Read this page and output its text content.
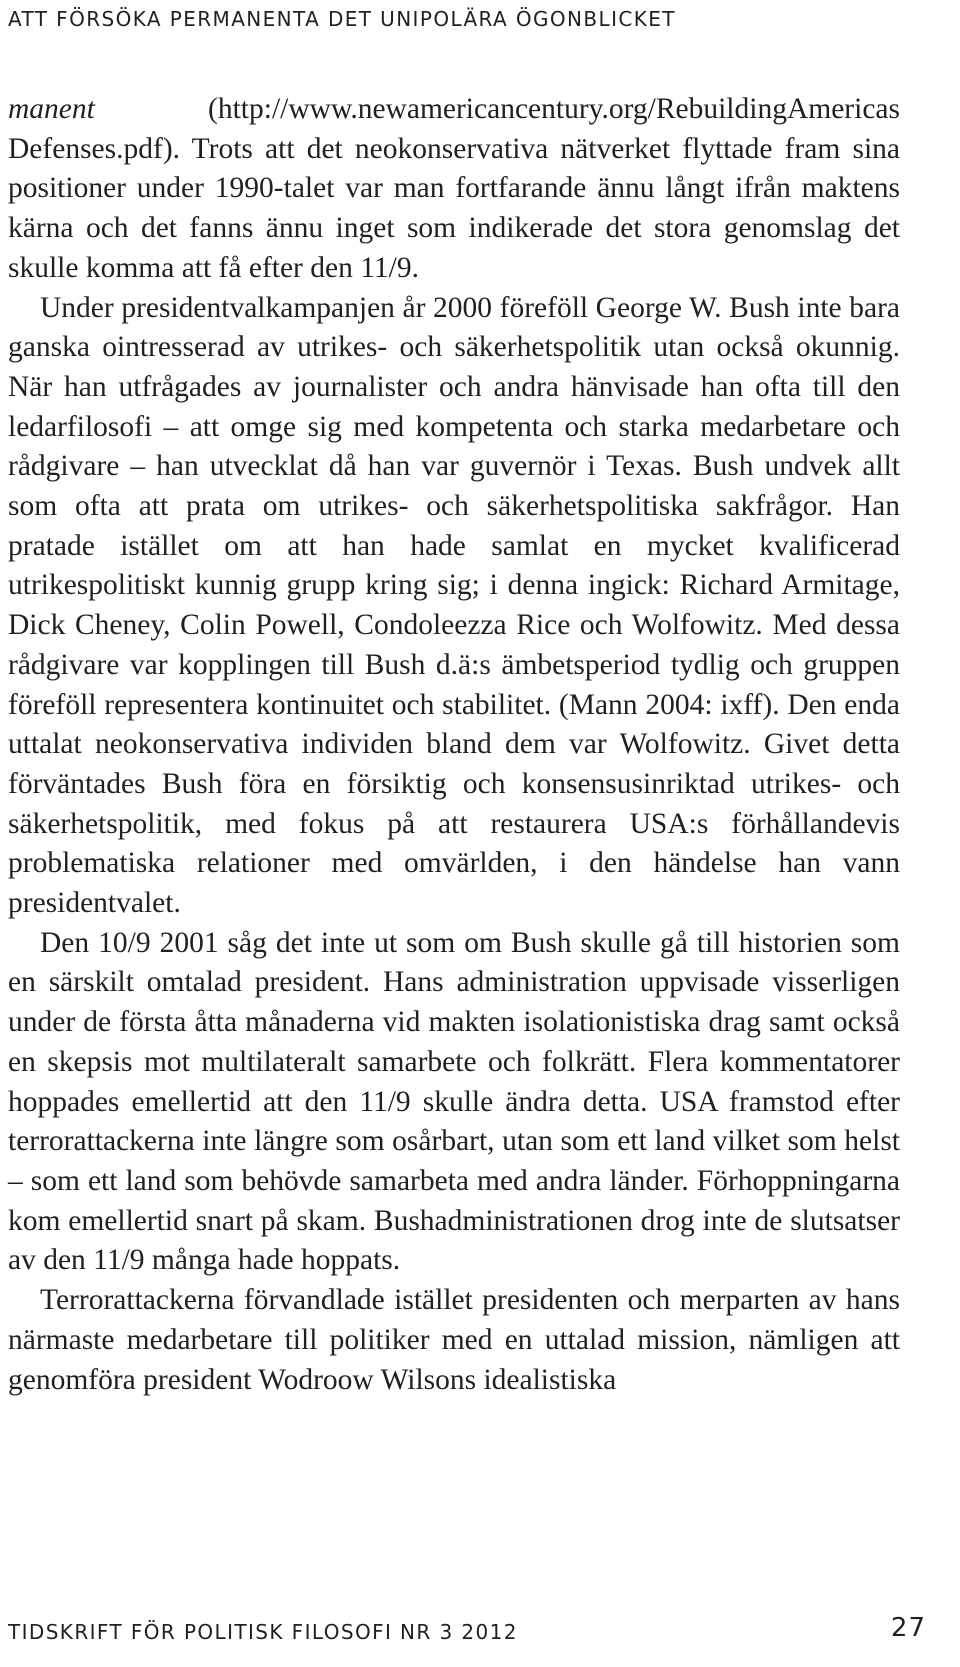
ATT FÖRSÖKA PERMANENTA DET UNIPOLÄRA ÖGONBLICKET

manent (http://www.newamericancentury.org/RebuildingAmericas Defenses.pdf). Trots att det neokonservativa nätverket flyttade fram sina positioner under 1990-talet var man fortfarande ännu långt ifrån maktens kärna och det fanns ännu inget som indikerade det stora genomslag det skulle komma att få efter den 11/9.

Under presidentvalkampanjen år 2000 föreföll George W. Bush inte bara ganska ointresserad av utrikes- och säkerhetspolitik utan också okunnig. När han utfrågades av journalister och andra hänvisade han ofta till den ledarfilosofi – att omge sig med kompetenta och starka medarbetare och rådgivare – han utvecklat då han var guvernör i Texas. Bush undvek allt som ofta att prata om utrikes- och säkerhetspolitiska sakfrågor. Han pratade istället om att han hade samlat en mycket kvalificerad utrikespolitiskt kunnig grupp kring sig; i denna ingick: Richard Armitage, Dick Cheney, Colin Powell, Condoleezza Rice och Wolfowitz. Med dessa rådgivare var kopplingen till Bush d.ä:s ämbetsperiod tydlig och gruppen föreföll representera kontinuitet och stabilitet. (Mann 2004: ixff). Den enda uttalat neokonservativa individen bland dem var Wolfowitz. Givet detta förväntades Bush föra en försiktig och konsensusinriktad utrikes- och säkerhetspolitik, med fokus på att restaurera USA:s förhållandevis problematiska relationer med omvärlden, i den händelse han vann presidentvalet.

Den 10/9 2001 såg det inte ut som om Bush skulle gå till historien som en särskilt omtalad president. Hans administration uppvisade visserligen under de första åtta månaderna vid makten isolationistiska drag samt också en skepsis mot multilateralt samarbete och folkrätt. Flera kommentatorer hoppades emellertid att den 11/9 skulle ändra detta. USA framstod efter terrorattackerna inte längre som osårbart, utan som ett land vilket som helst – som ett land som behövde samarbeta med andra länder. Förhoppningarna kom emellertid snart på skam. Bushadministrationen drog inte de slutsatser av den 11/9 många hade hoppats.

Terrorattackerna förvandlade istället presidenten och merparten av hans närmaste medarbetare till politiker med en uttalad mission, nämligen att genomföra president Wodroow Wilsons idealistiska

TIDSKRIFT FÖR POLITISK FILOSOFI NR 3 2012	27
